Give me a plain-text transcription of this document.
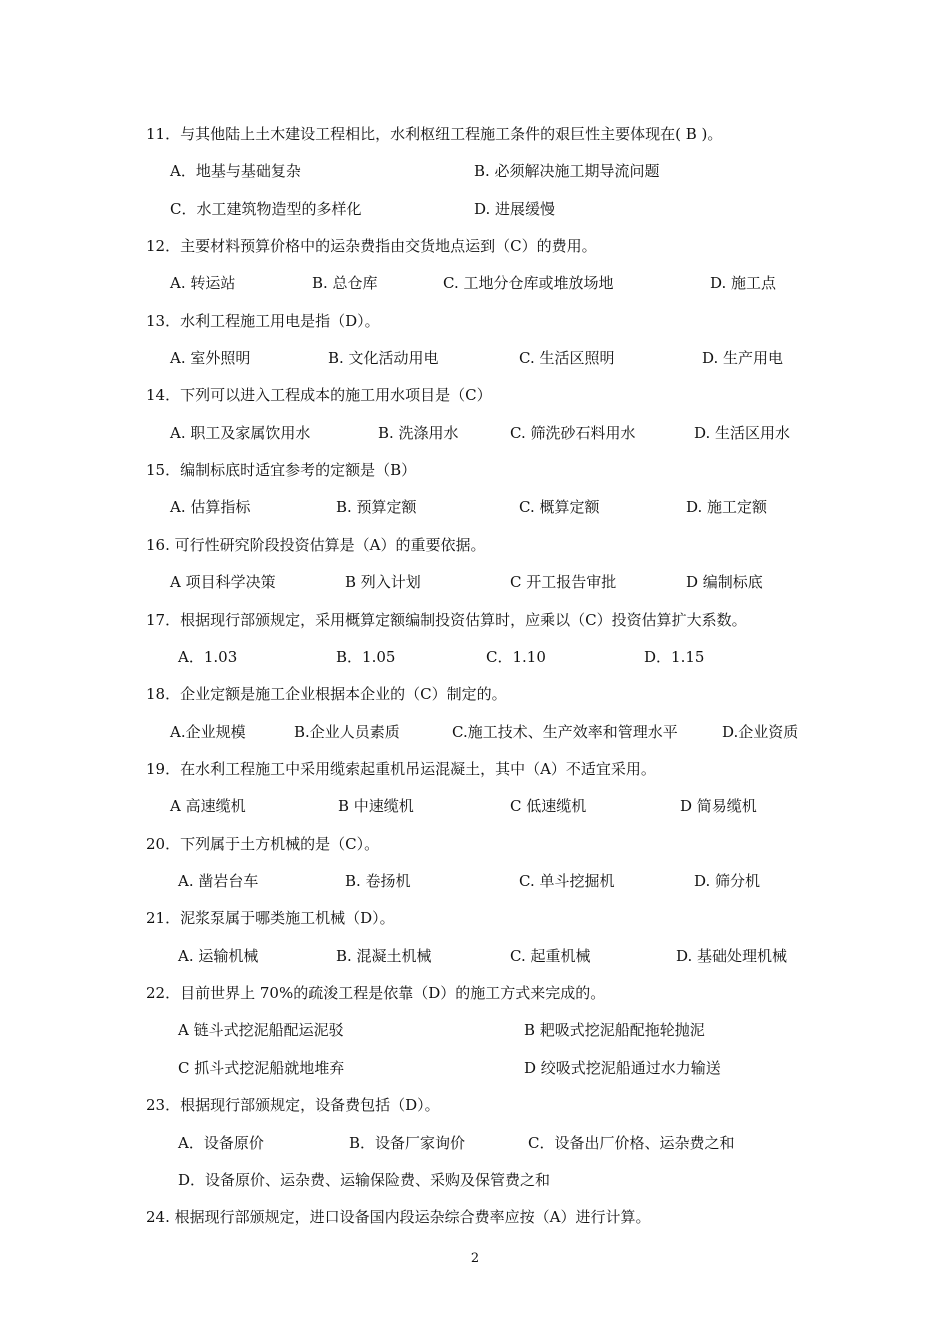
11．与其他陆上土木建设工程相比，水利枢纽工程施工条件的艰巨性主要体现在( B )。
A．地基与基础复杂	B. 必须解决施工期导流问题
C．水工建筑物造型的多样化	D. 进展缓慢
12．主要材料预算价格中的运杂费指由交货地点运到（C）的费用。
A. 转运站	B. 总仓库	C. 工地分仓库或堆放场地	D. 施工点
13．水利工程施工用电是指（D）。
A. 室外照明	B. 文化活动用电	C. 生活区照明	D. 生产用电
14．下列可以进入工程成本的施工用水项目是（C）
A. 职工及家属饮用水	B. 洗涤用水	C. 筛洗砂石料用水	D. 生活区用水
15．编制标底时适宜参考的定额是（B）
A. 估算指标	B. 预算定额	C. 概算定额	D. 施工定额
16. 可行性研究阶段投资估算是（A）的重要依据。
A 项目科学决策	B 列入计划	C 开工报告审批	D 编制标底
17．根据现行部颁规定，采用概算定额编制投资估算时，应乘以（C）投资估算扩大系数。
A．1.03	B．1.05	C．1.10	D．1.15
18．企业定额是施工企业根据本企业的（C）制定的。
A.企业规模	B.企业人员素质	C.施工技术、生产效率和管理水平	D.企业资质
19．在水利工程施工中采用缆索起重机吊运混凝土，其中（A）不适宜采用。
A 高速缆机	B 中速缆机	C 低速缆机	D 简易缆机
20．下列属于土方机械的是（C）。
A. 凿岩台车	B. 卷扬机	C. 单斗挖掘机	D. 筛分机
21．泥浆泵属于哪类施工机械（D）。
A. 运输机械	B. 混凝土机械	C. 起重机械	D. 基础处理机械
22．目前世界上 70%的疏浚工程是依靠（D）的施工方式来完成的。
A 链斗式挖泥船配运泥驳	B 耙吸式挖泥船配拖轮抛泥
C 抓斗式挖泥船就地堆弃	D 绞吸式挖泥船通过水力输送
23．根据现行部颁规定，设备费包括（D）。
A．设备原价	B．设备厂家询价	C．设备出厂价格、运杂费之和
D．设备原价、运杂费、运输保险费、采购及保管费之和
24. 根据现行部颁规定，进口设备国内段运杂综合费率应按（A）进行计算。
2
